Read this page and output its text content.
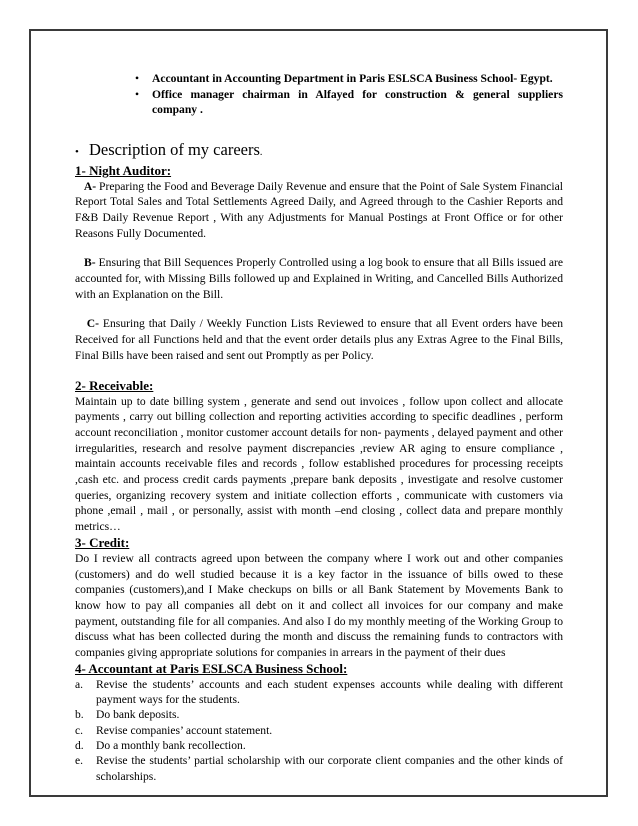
• Accountant in Accounting Department in Paris ESLSCA Business School- Egypt.
• Office manager chairman in Alfayed for construction & general suppliers company .
• Description of my careers.
1- Night Auditor:

A- Preparing the Food and Beverage Daily Revenue and ensure that the Point of Sale System Financial Report Total Sales and Total Settlements Agreed Daily, and Agreed through to the Cashier Reports and F&B Daily Revenue Report , With any Adjustments for Manual Postings at Front Office or for other Reasons Fully Documented.

B- Ensuring that Bill Sequences Properly Controlled using a log book to ensure that all Bills issued are accounted for, with Missing Bills followed up and Explained in Writing, and Cancelled Bills Authorized with an Explanation on the Bill.

C- Ensuring that Daily / Weekly Function Lists Reviewed to ensure that all Event orders have been Received for all Functions held and that the event order details plus any Extras Agree to the Final Bills, Final Bills have been raised and sent out Promptly as per Policy.

2- Receivable:

Maintain up to date billing system , generate and send out invoices , follow upon collect and allocate payments , carry out billing collection and reporting activities according to specific deadlines , perform account reconciliation , monitor customer account details for non- payments , delayed payment and other irregularities, research and resolve payment discrepancies ,review AR aging to ensure compliance , maintain accounts receivable files and records , follow established procedures for processing receipts ,cash etc. and process credit cards payments ,prepare bank deposits , investigate and resolve customer queries, organizing recovery system and initiate collection efforts , communicate with customers via phone ,email , mail , or personally, assist with month –end closing , collect data and prepare monthly metrics…

3- Credit:

Do I review all contracts agreed upon between the company where I work out and other companies (customers) and do well studied because it is a key factor in the issuance of bills owed to these companies (customers),and I Make checkups on bills or all Bank Statement by Movements Bank to know how to pay all companies all debt on it and collect all invoices for our company and make payment, outstanding file for all companies. And also I do my monthly meeting of the Working Group to discuss what has been collected during the month and discuss the remaining funds to contractors with companies giving appropriate solutions for companies in arrears in the payment of their dues

4- Accountant at Paris ESLSCA Business School:
a. Revise the students’ accounts and each student expenses accounts while dealing with different payment ways for the students.
b. Do bank deposits.
c. Revise companies’ account statement.
d. Do a monthly bank recollection.
e. Revise the students’ partial scholarship with our corporate client companies and the other kinds of scholarships.
